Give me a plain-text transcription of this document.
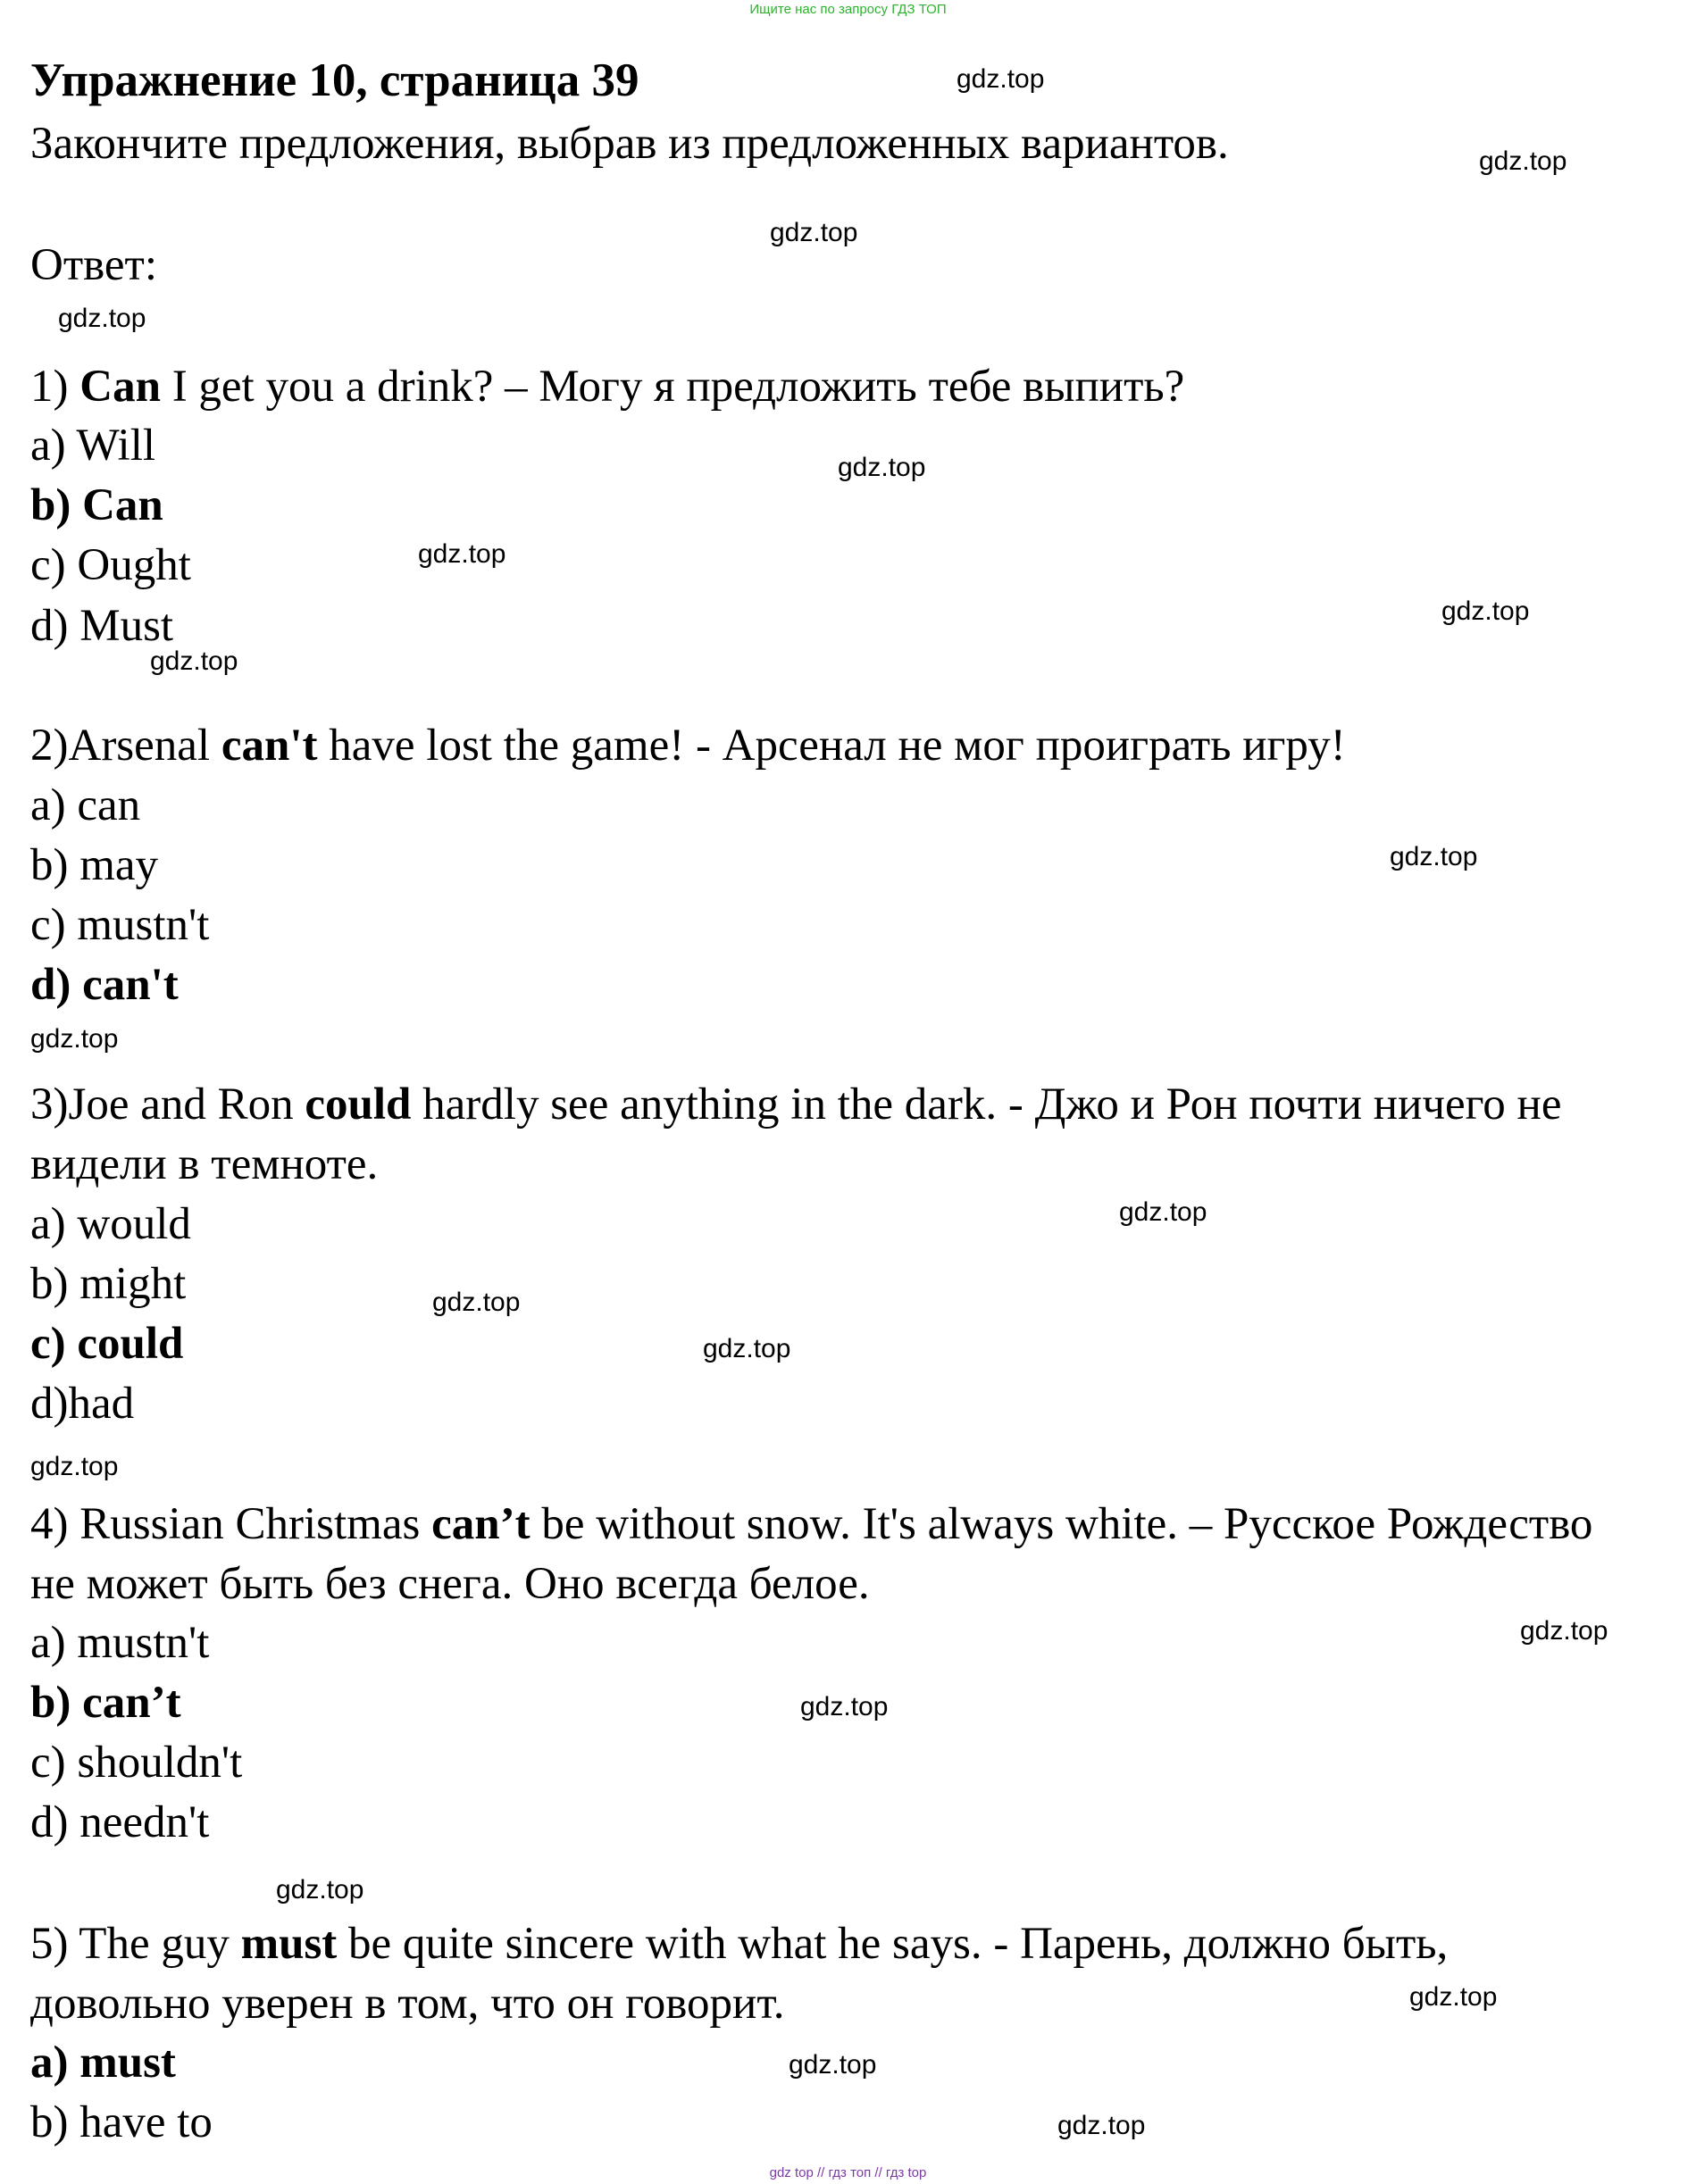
Ищите нас по запросу ГДЗ ТОП
Упражнение 10, страница 39
Закончите предложения, выбрав из предложенных вариантов.
Ответ:
gdz.top
gdz.top
gdz.top
gdz.top
gdz.top
gdz.top
gdz.top
gdz.top
gdz.top
gdz.top
gdz.top
gdz.top
gdz.top
gdz.top
gdz.top
gdz.top
gdz.top
gdz.top
gdz.top
gdz.top
1) Can I get you a drink? – Могу я предложить тебе выпить?
a) Will
b) Can
c) Ought
d) Must
2)Arsenal can't have lost the game! - Арсенал не мог проиграть игру!
a) can
b) may
c) mustn't
d) can't
3)Joe and Ron could hardly see anything in the dark. - Джо и Рон почти ничего не видели в темноте.
a) would
b) might
c) could
d)had
4) Russian Christmas can’t be without snow. It's always white. – Русское Рождество не может быть без снега. Оно всегда белое.
a) mustn't
b) can’t
c) shouldn't
d) needn't
5) The guy must be quite sincere with what he says. - Парень, должно быть, довольно уверен в том, что он говорит.
a) must
b) have to
gdz top // гдз топ // гдз top
